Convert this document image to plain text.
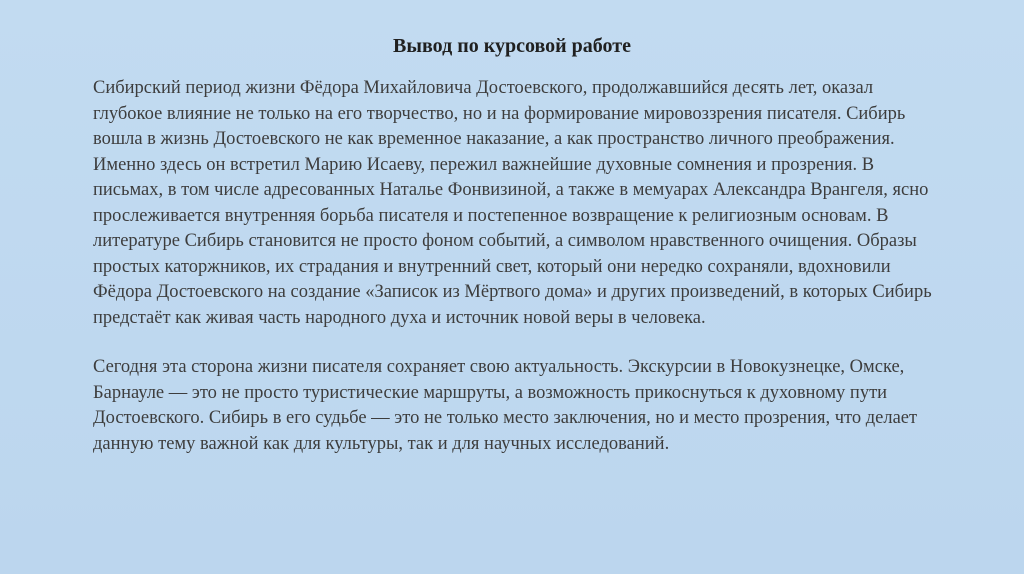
Вывод по курсовой работе

Сибирский период жизни Фёдора Михайловича Достоевского, продолжавшийся десять лет, оказал глубокое влияние не только на его творчество, но и на формирование мировоззрения писателя. Сибирь вошла в жизнь Достоевского не как временное наказание, а как пространство личного преображения. Именно здесь он встретил Марию Исаеву, пережил важнейшие духовные сомнения и прозрения. В письмах, в том числе адресованных Наталье Фонвизиной, а также в мемуарах Александра Врангеля, ясно прослеживается внутренняя борьба писателя и постепенное возвращение к религиозным основам. В литературе Сибирь становится не просто фоном событий, а символом нравственного очищения. Образы простых каторжников, их страдания и внутренний свет, который они нередко сохраняли, вдохновили Фёдора Достоевского на создание «Записок из Мёртвого дома» и других произведений, в которых Сибирь предстаёт как живая часть народного духа и источник новой веры в человека.

Сегодня эта сторона жизни писателя сохраняет свою актуальность. Экскурсии в Новокузнецке, Омске, Барнауле — это не просто туристические маршруты, а возможность прикоснуться к духовному пути Достоевского. Сибирь в его судьбе — это не только место заключения, но и место прозрения, что делает данную тему важной как для культуры, так и для научных исследований.
